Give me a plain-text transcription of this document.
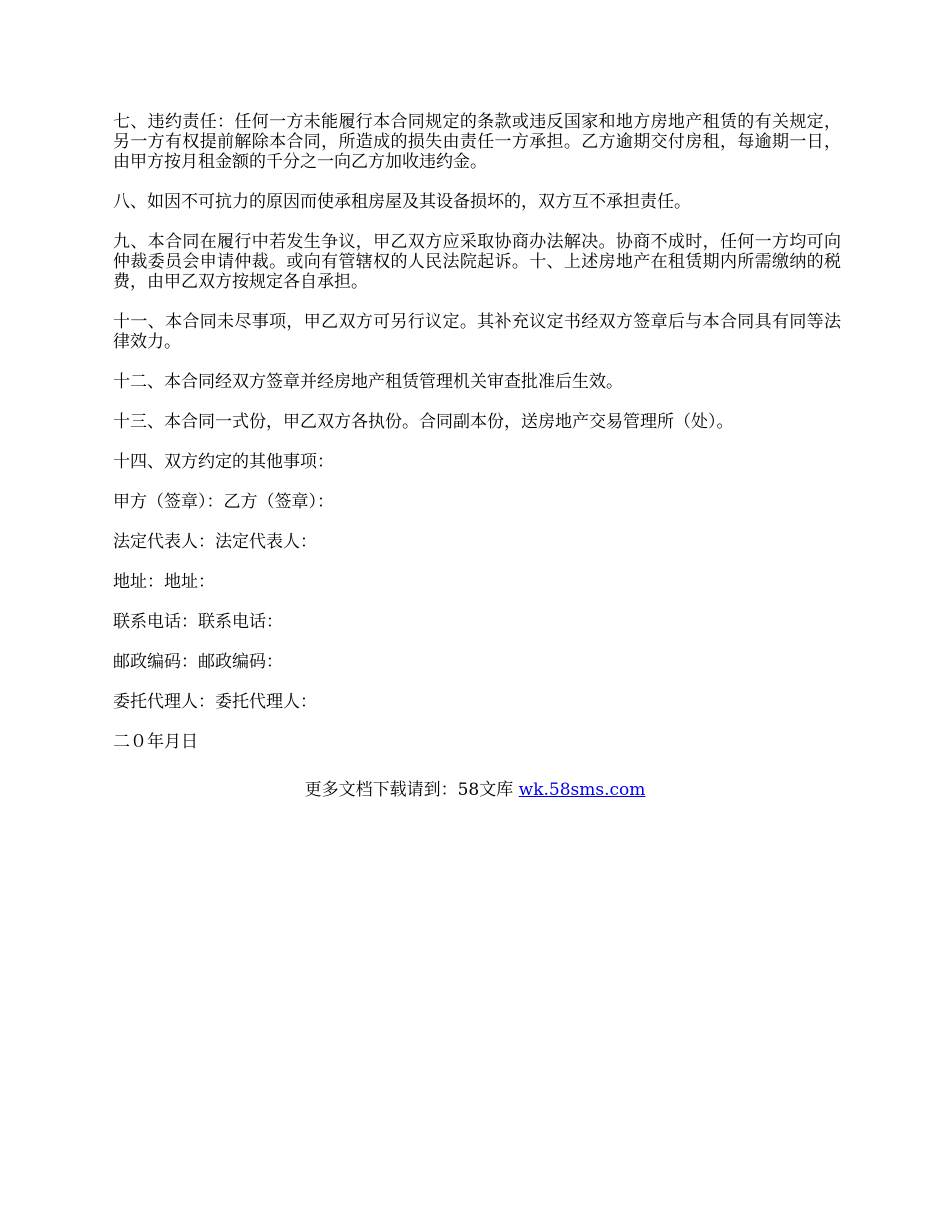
七、违约责任：任何一方未能履行本合同规定的条款或违反国家和地方房地产租赁的有关规定，另一方有权提前解除本合同，所造成的损失由责任一方承担。乙方逾期交付房租，每逾期一日，由甲方按月租金额的千分之一向乙方加收违约金。

八、如因不可抗力的原因而使承租房屋及其设备损坏的，双方互不承担责任。

九、本合同在履行中若发生争议，甲乙双方应采取协商办法解决。协商不成时，任何一方均可向仲裁委员会申请仲裁。或向有管辖权的人民法院起诉。十、上述房地产在租赁期内所需缴纳的税费，由甲乙双方按规定各自承担。

十一、本合同未尽事项，甲乙双方可另行议定。其补充议定书经双方签章后与本合同具有同等法律效力。

十二、本合同经双方签章并经房地产租赁管理机关审查批准后生效。

十三、本合同一式份，甲乙双方各执份。合同副本份，送房地产交易管理所（处）。

十四、双方约定的其他事项：

甲方（签章）：乙方（签章）：

法定代表人：法定代表人：

地址：地址：

联系电话：联系电话：

邮政编码：邮政编码：

委托代理人：委托代理人：

二０年月日

更多文档下载请到：58文库 wk.58sms.com
